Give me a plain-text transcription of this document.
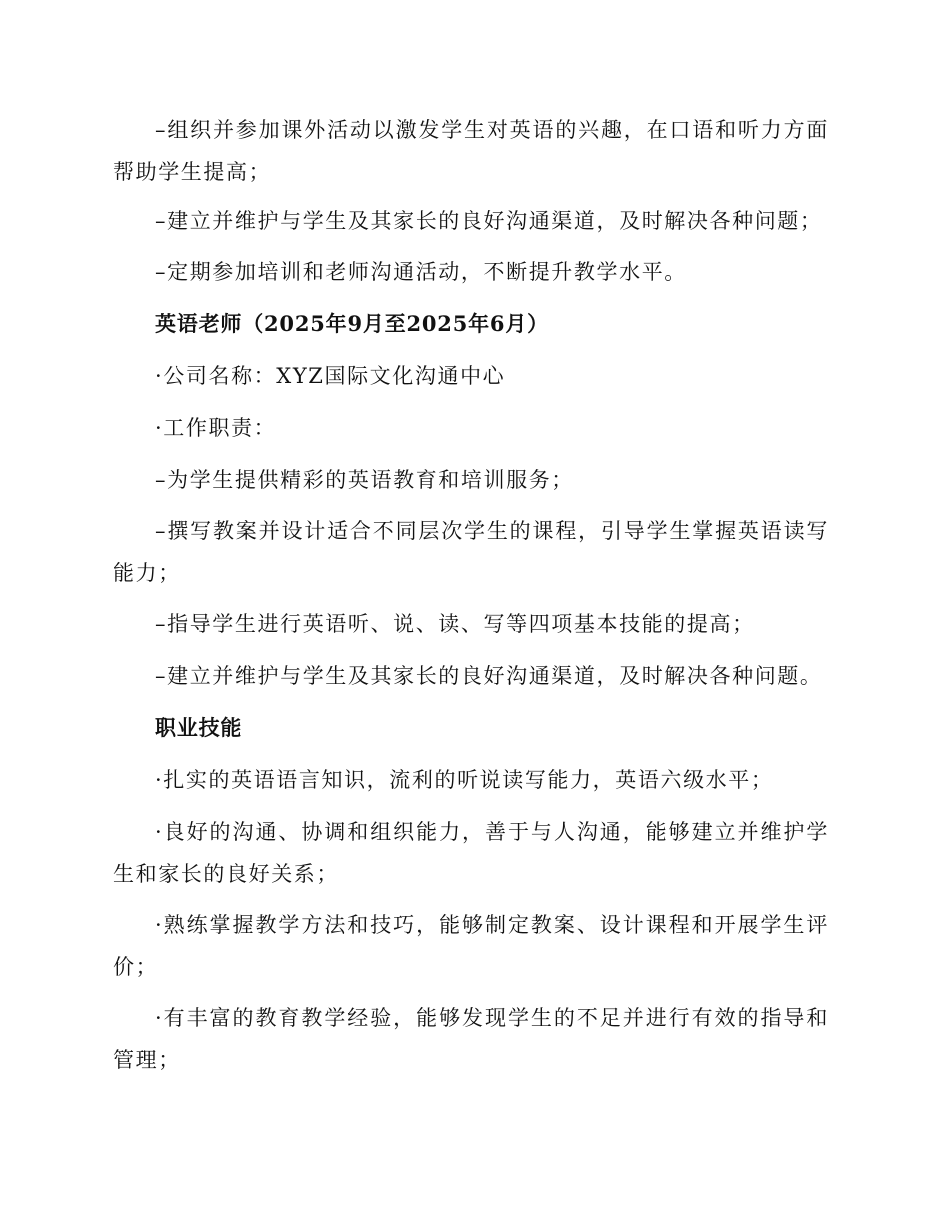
–组织并参加课外活动以激发学生对英语的兴趣，在口语和听力方面帮助学生提高；

–建立并维护与学生及其家长的良好沟通渠道，及时解决各种问题；

–定期参加培训和老师沟通活动，不断提升教学水平。

英语老师（2025年9月至2025年6月）

·公司名称：XYZ国际文化沟通中心

·工作职责：

–为学生提供精彩的英语教育和培训服务；

–撰写教案并设计适合不同层次学生的课程，引导学生掌握英语读写能力；

–指导学生进行英语听、说、读、写等四项基本技能的提高；

–建立并维护与学生及其家长的良好沟通渠道，及时解决各种问题。

职业技能

·扎实的英语语言知识，流利的听说读写能力，英语六级水平；

·良好的沟通、协调和组织能力，善于与人沟通，能够建立并维护学生和家长的良好关系；

·熟练掌握教学方法和技巧，能够制定教案、设计课程和开展学生评价；

·有丰富的教育教学经验，能够发现学生的不足并进行有效的指导和管理；
